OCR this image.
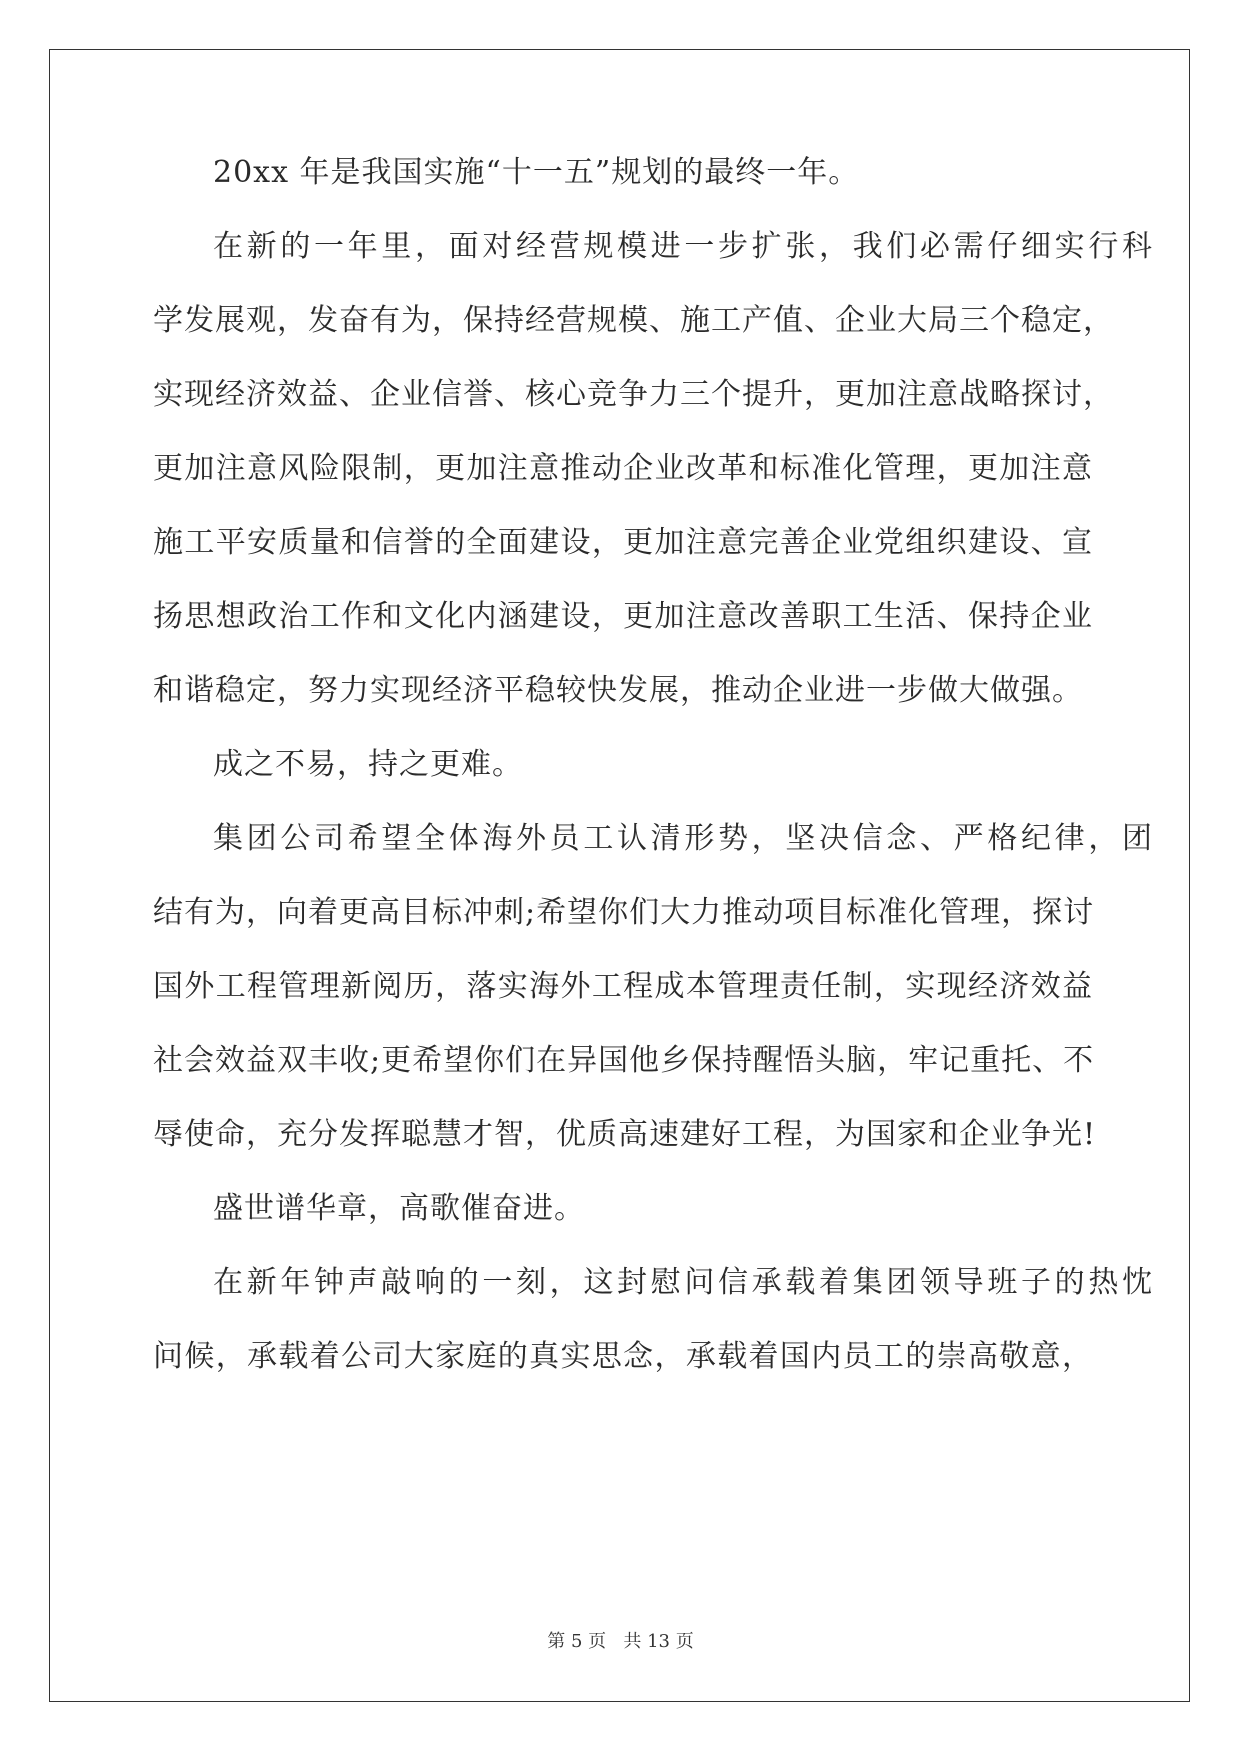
20xx 年是我国实施“十一五”规划的最终一年。
在新的一年里，面对经营规模进一步扩张，我们必需仔细实行科
学发展观，发奋有为，保持经营规模、施工产值、企业大局三个稳定，
实现经济效益、企业信誉、核心竞争力三个提升，更加注意战略探讨，
更加注意风险限制，更加注意推动企业改革和标准化管理，更加注意
施工平安质量和信誉的全面建设，更加注意完善企业党组织建设、宣
扬思想政治工作和文化内涵建设，更加注意改善职工生活、保持企业
和谐稳定，努力实现经济平稳较快发展，推动企业进一步做大做强。
成之不易，持之更难。
集团公司希望全体海外员工认清形势，坚决信念、严格纪律，团
结有为，向着更高目标冲刺;希望你们大力推动项目标准化管理，探讨
国外工程管理新阅历，落实海外工程成本管理责任制，实现经济效益
社会效益双丰收;更希望你们在异国他乡保持醒悟头脑，牢记重托、不
辱使命，充分发挥聪慧才智，优质高速建好工程，为国家和企业争光!
盛世谱华章，高歌催奋进。
在新年钟声敲响的一刻，这封慰问信承载着集团领导班子的热忱
问候，承载着公司大家庭的真实思念，承载着国内员工的崇高敬意，
第 5 页 共 13 页
